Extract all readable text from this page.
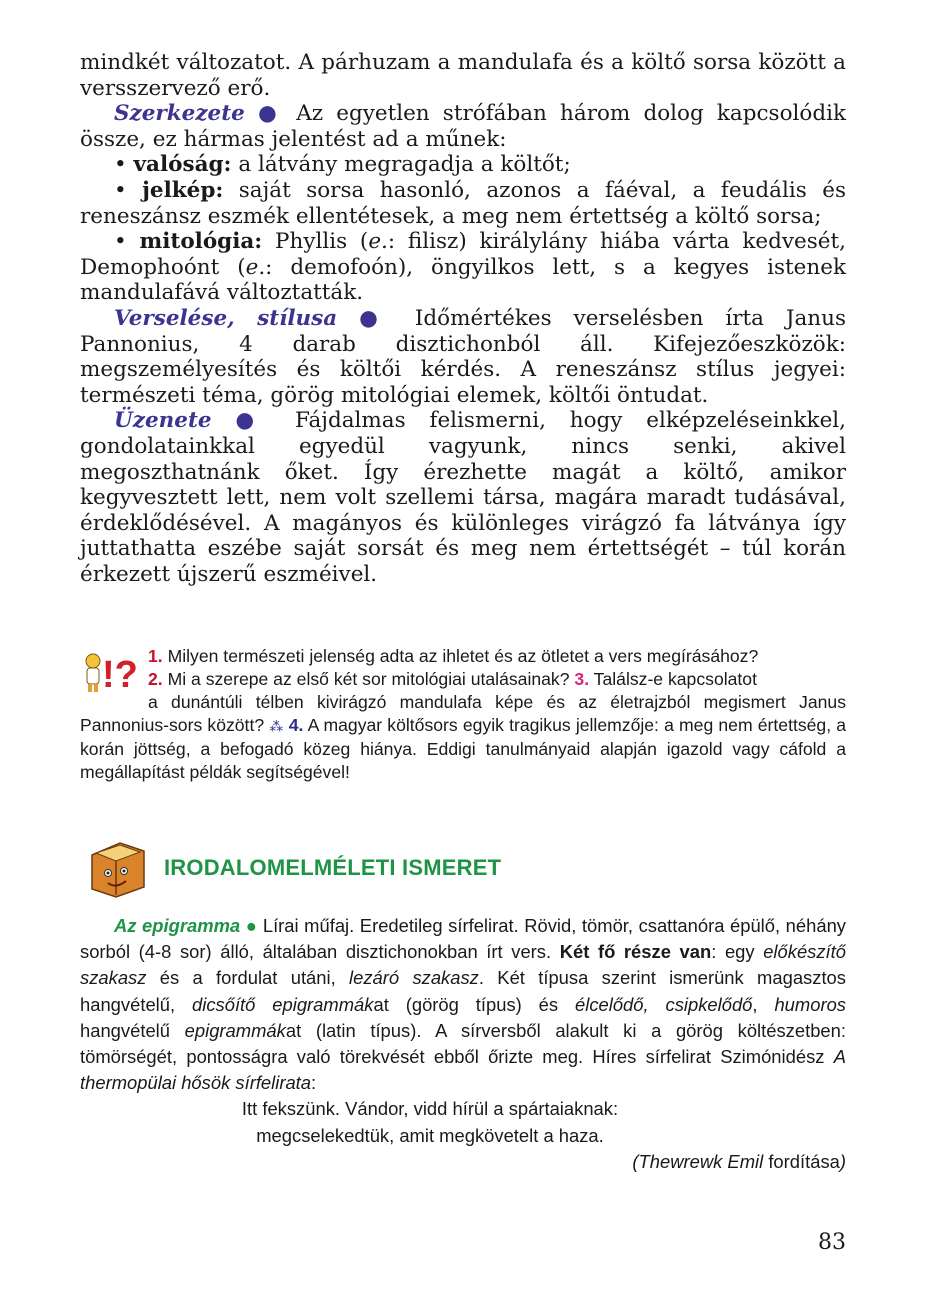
mindkét változatot. A párhuzam a mandulafa és a költő sorsa között a versszervező erő.

Szerkezete ● Az egyetlen strófában három dolog kapcsolódik össze, ez hármas jelentést ad a műnek:

• valóság: a látvány megragadja a költőt;

• jelkép: saját sorsa hasonló, azonos a fáéval, a feudális és reneszánsz eszmék ellentétesek, a meg nem értettség a költő sorsa;

• mitológia: Phyllis (e.: filisz) királylány hiába várta kedvesét, Demophoónt (e.: demofoón), öngyilkos lett, s a kegyes istenek mandulafává változtatták.

Verselése, stílusa ● Időmértékes verselésben írta Janus Pannonius, 4 darab disztichonból áll. Kifejezőeszközök: megszemélyesítés és költői kérdés. A reneszánsz stílus jegyei: természeti téma, görög mitológiai elemek, költői öntudat.

Üzenete ● Fájdalmas felismerni, hogy elképzeléseinkkel, gondolatainkkal egyedül vagyunk, nincs senki, akivel megoszthatnánk őket. Így érezhette magát a költő, amikor kegyvesztett lett, nem volt szellemi társa, magára maradt tudásával, érdeklődésével. A magányos és különleges virágzó fa látványa így juttathatta eszébe saját sorsát és meg nem értettségét – túl korán érkezett újszerű eszméivel.

!? 1. Milyen természeti jelenség adta az ihletet és az ötletet a vers megírásához?
2. Mi a szerepe az első két sor mitológiai utalásainak? 3. Találsz-e kapcsolatot
a dunántúli télben kivirágzó mandulafa képe és az életrajzból megismert Janus Pannonius-sors között? ⁂ 4. A magyar költősors egyik tragikus jellemzője: a meg nem értettség, a korán jöttség, a befogadó közeg hiánya. Eddigi tanulmányaid alapján igazold vagy cáfold a megállapítást példák segítségével!
IRODALOMELMÉLETI ISMERET

Az epigramma ● Lírai műfaj. Eredetileg sírfelirat. Rövid, tömör, csattanóra épülő, néhány sorból (4-8 sor) álló, általában disztichonokban írt vers. Két fő része van: egy előkészítő szakasz és a fordulat utáni, lezáró szakasz. Két típusa szerint ismerünk magasztos hangvételű, dicsőítő epigrammákat (görög típus) és élcelődő, csipkelődő, humoros hangvételű epigrammákat (latin típus). A sírversből alakult ki a görög költészetben: tömörségét, pontosságra való törekvését ebből őrizte meg. Híres sírfelirat Szimónidész A thermopülai hősök sírfelirata:

Itt fekszünk. Vándor, vidd hírül a spártaiaknak:
megcselekedtük, amit megkövetelt a haza.
(Thewrewk Emil fordítása)
83
